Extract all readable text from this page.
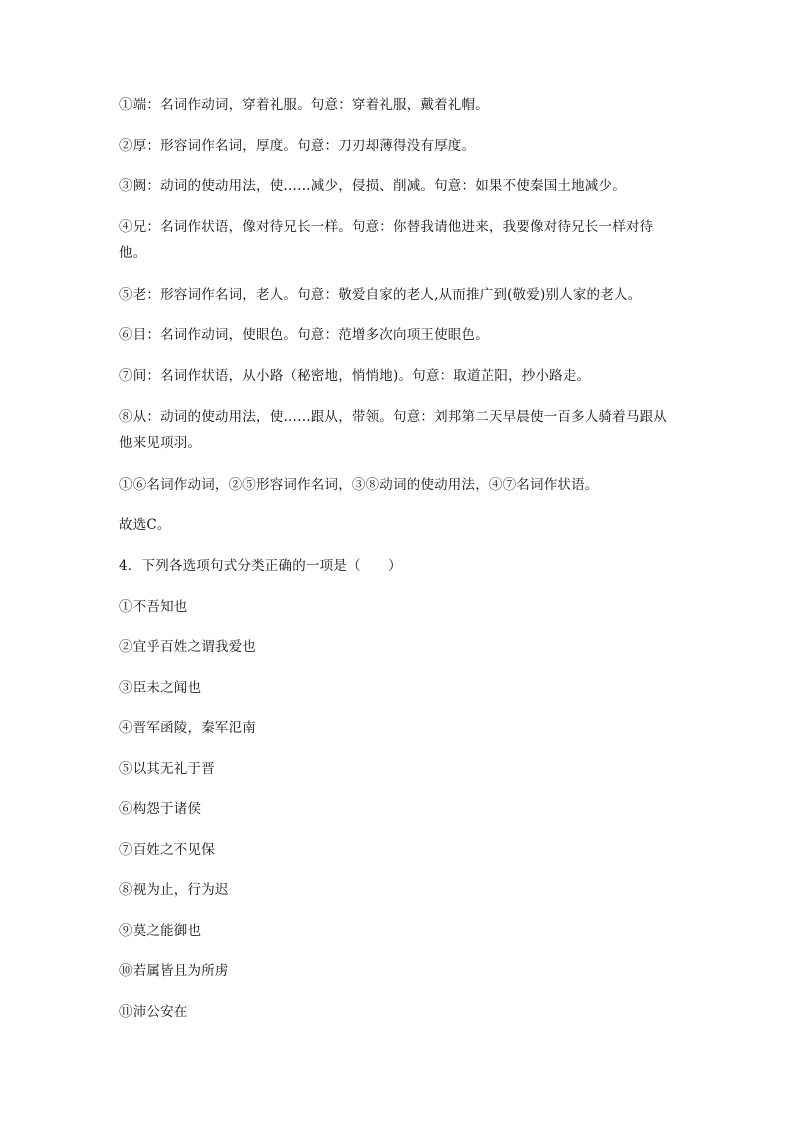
①端：名词作动词，穿着礼服。句意：穿着礼服，戴着礼帽。
②厚：形容词作名词，厚度。句意：刀刃却薄得没有厚度。
③阙：动词的使动用法，使……减少，侵损、削减。句意：如果不使秦国土地减少。
④兄：名词作状语，像对待兄长一样。句意：你替我请他进来，我要像对待兄长一样对待他。
⑤老：形容词作名词，老人。句意：敬爱自家的老人,从而推广到(敬爱)别人家的老人。
⑥目：名词作动词，使眼色。句意：范增多次向项王使眼色。
⑦间：名词作状语，从小路（秘密地，悄悄地)。句意：取道芷阳，抄小路走。
⑧从：动词的使动用法，使……跟从，带领。句意：刘邦第二天早晨使一百多人骑着马跟从他来见项羽。
①⑥名词作动词，②⑤形容词作名词，③⑧动词的使动用法，④⑦名词作状语。
故选C。
4．下列各选项句式分类正确的一项是（　　）
①不吾知也
②宜乎百姓之谓我爱也
③臣未之闻也
④晋军函陵，秦军氾南
⑤以其无礼于晋
⑥构怨于诸侯
⑦百姓之不见保
⑧视为止，行为迟
⑨莫之能御也
⑩若属皆且为所虏
⑪沛公安在
